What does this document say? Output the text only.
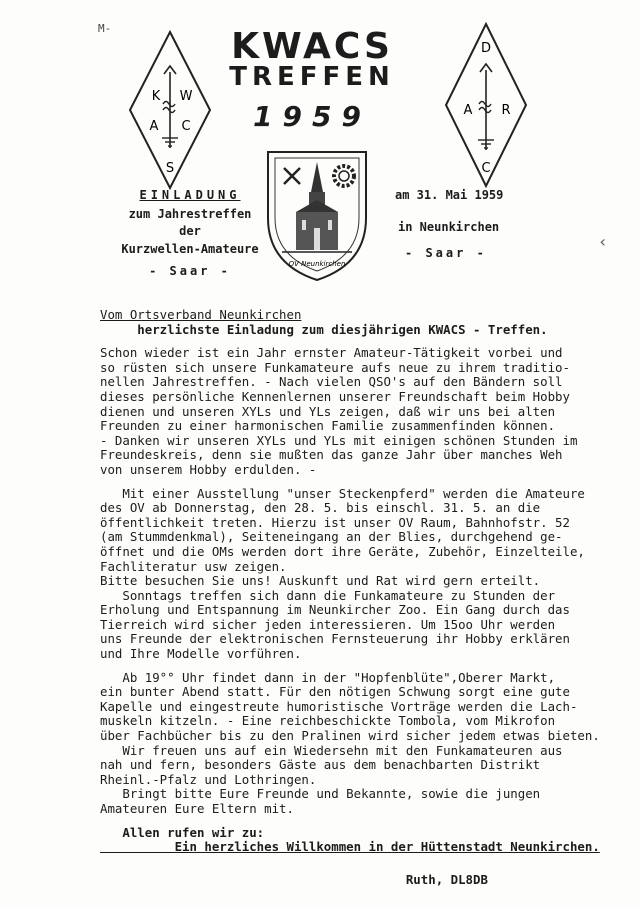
M-
‹
K W
A C
S
D
A R
C
KWACS
TREFFEN
1959
OV Neunkirchen
EINLADUNG
zum Jahrestreffen
der
Kurzwellen-Amateure
- Saar -
am 31. Mai 1959
in Neunkirchen
- Saar -
Vom Ortsverband Neunkirchen
herzlichste Einladung zum diesjährigen KWACS - Treffen.
Schon wieder ist ein Jahr ernster Amateur-Tätigkeit vorbei und
so rüsten sich unsere Funkamateure aufs neue zu ihrem traditio-
nellen Jahrestreffen. - Nach vielen QSO's auf den Bändern soll
dieses persönliche Kennenlernen unserer Freundschaft beim Hobby
dienen und unseren XYLs und YLs zeigen, daß wir uns bei alten
Freunden zu einer harmonischen Familie zusammenfinden können.
- Danken wir unseren XYLs und YLs mit einigen schönen Stunden im
Freundeskreis, denn sie mußten das ganze Jahr über manches Weh
von unserem Hobby erdulden. -
Mit einer Ausstellung "unser Steckenpferd" werden die Amateure
des OV ab Donnerstag, den 28. 5. bis einschl. 31. 5. an die
öffentlichkeit treten. Hierzu ist unser OV Raum, Bahnhofstr. 52
(am Stummdenkmal), Seiteneingang an der Blies, durchgehend ge-
öffnet und die OMs werden dort ihre Geräte, Zubehör, Einzelteile,
Fachliteratur usw zeigen.
Bitte besuchen Sie uns! Auskunft und Rat wird gern erteilt.
Sonntags treffen sich dann die Funkamateure zu Stunden der
Erholung und Entspannung im Neunkircher Zoo. Ein Gang durch das
Tierreich wird sicher jeden interessieren. Um 15oo Uhr werden
uns Freunde der elektronischen Fernsteuerung ihr Hobby erklären
und Ihre Modelle vorführen.
Ab 19°° Uhr findet dann in der "Hopfenblüte",Oberer Markt,
ein bunter Abend statt. Für den nötigen Schwung sorgt eine gute
Kapelle und eingestreute humoristische Vorträge werden die Lach-
muskeln kitzeln. - Eine reichbeschickte Tombola, vom Mikrofon
über Fachbücher bis zu den Pralinen wird sicher jedem etwas bieten.
Wir freuen uns auf ein Wiedersehn mit den Funkamateuren aus
nah und fern, besonders Gäste aus dem benachbarten Distrikt
Rheinl.-Pfalz und Lothringen.
Bringt bitte Eure Freunde und Bekannte, sowie die jungen
Amateuren Eure Eltern mit.
Allen rufen wir zu:
Ein herzliches Willkommen in der Hüttenstadt Neunkirchen.
Ruth, DL8DB
